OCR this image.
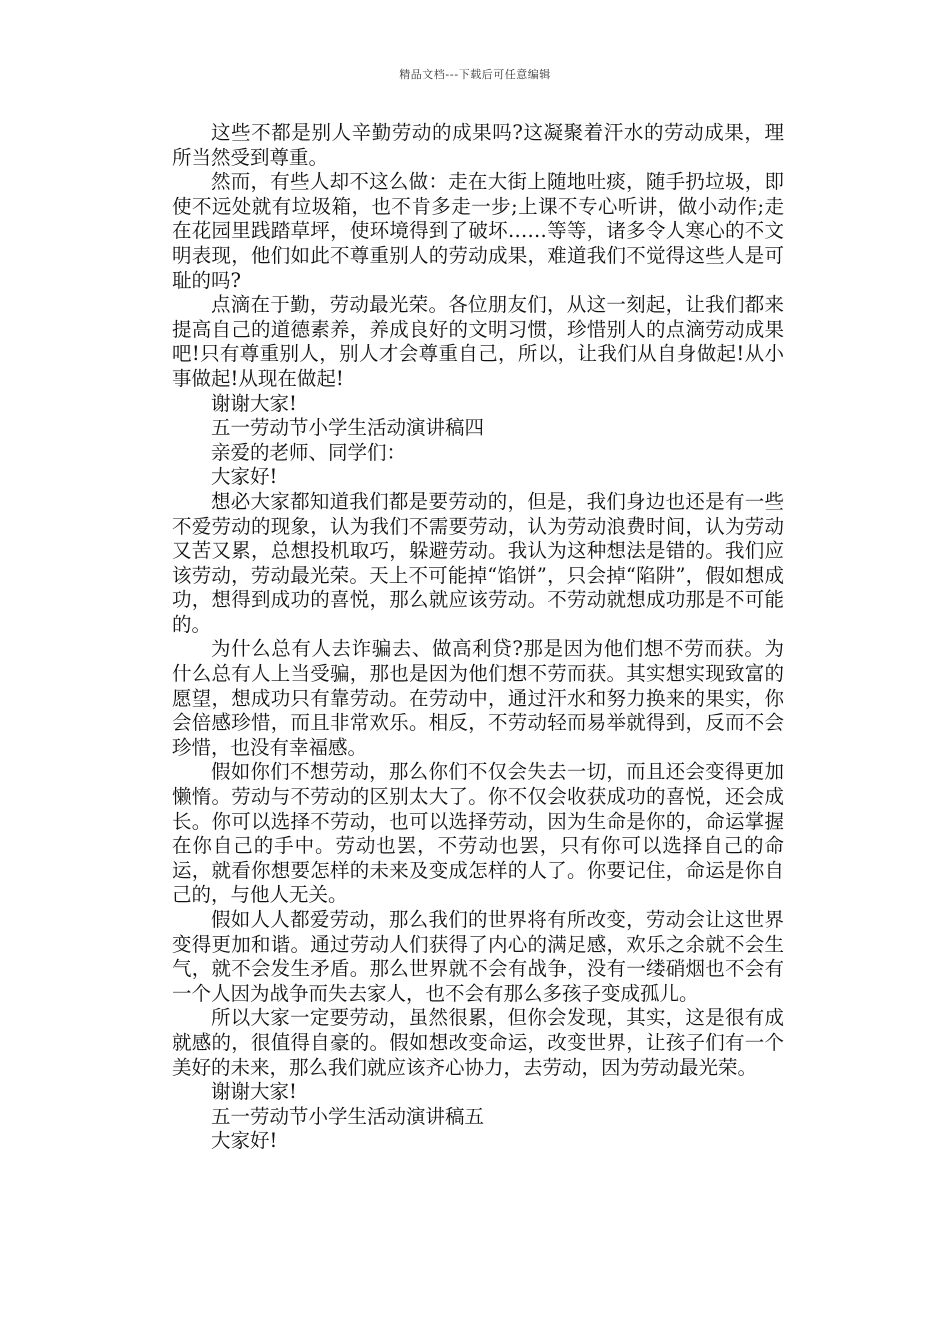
精品文档---下载后可任意编辑

这些不都是别人辛勤劳动的成果吗?这凝聚着汗水的劳动成果，理所当然受到尊重。

然而，有些人却不这么做：走在大街上随地吐痰，随手扔垃圾，即使不远处就有垃圾箱，也不肯多走一步;上课不专心听讲，做小动作;走在花园里践踏草坪，使环境得到了破坏……等等，诸多令人寒心的不文明表现，他们如此不尊重别人的劳动成果，难道我们不觉得这些人是可耻的吗?

点滴在于勤，劳动最光荣。各位朋友们，从这一刻起，让我们都来提高自己的道德素养，养成良好的文明习惯，珍惜别人的点滴劳动成果吧!只有尊重别人，别人才会尊重自己，所以，让我们从自身做起!从小事做起!从现在做起!

谢谢大家!

五一劳动节小学生活动演讲稿四

亲爱的老师、同学们：

大家好!

想必大家都知道我们都是要劳动的，但是，我们身边也还是有一些不爱劳动的现象，认为我们不需要劳动，认为劳动浪费时间，认为劳动又苦又累，总想投机取巧，躲避劳动。我认为这种想法是错的。我们应该劳动，劳动最光荣。天上不可能掉“馅饼”，只会掉“陷阱”，假如想成功，想得到成功的喜悦，那么就应该劳动。不劳动就想成功那是不可能的。

为什么总有人去诈骗去、做高利贷?那是因为他们想不劳而获。为什么总有人上当受骗，那也是因为他们想不劳而获。其实想实现致富的愿望，想成功只有靠劳动。在劳动中，通过汗水和努力换来的果实，你会倍感珍惜，而且非常欢乐。相反，不劳动轻而易举就得到，反而不会珍惜，也没有幸福感。

假如你们不想劳动，那么你们不仅会失去一切，而且还会变得更加懒惰。劳动与不劳动的区别太大了。你不仅会收获成功的喜悦，还会成长。你可以选择不劳动，也可以选择劳动，因为生命是你的，命运掌握在你自己的手中。劳动也罢，不劳动也罢，只有你可以选择自己的命运，就看你想要怎样的未来及变成怎样的人了。你要记住，命运是你自己的，与他人无关。

假如人人都爱劳动，那么我们的世界将有所改变，劳动会让这世界变得更加和谐。通过劳动人们获得了内心的满足感，欢乐之余就不会生气，就不会发生矛盾。那么世界就不会有战争，没有一缕硝烟也不会有一个人因为战争而失去家人，也不会有那么多孩子变成孤儿。

所以大家一定要劳动，虽然很累，但你会发现，其实，这是很有成就感的，很值得自豪的。假如想改变命运，改变世界，让孩子们有一个美好的未来，那么我们就应该齐心协力，去劳动，因为劳动最光荣。

谢谢大家!

五一劳动节小学生活动演讲稿五

大家好!
